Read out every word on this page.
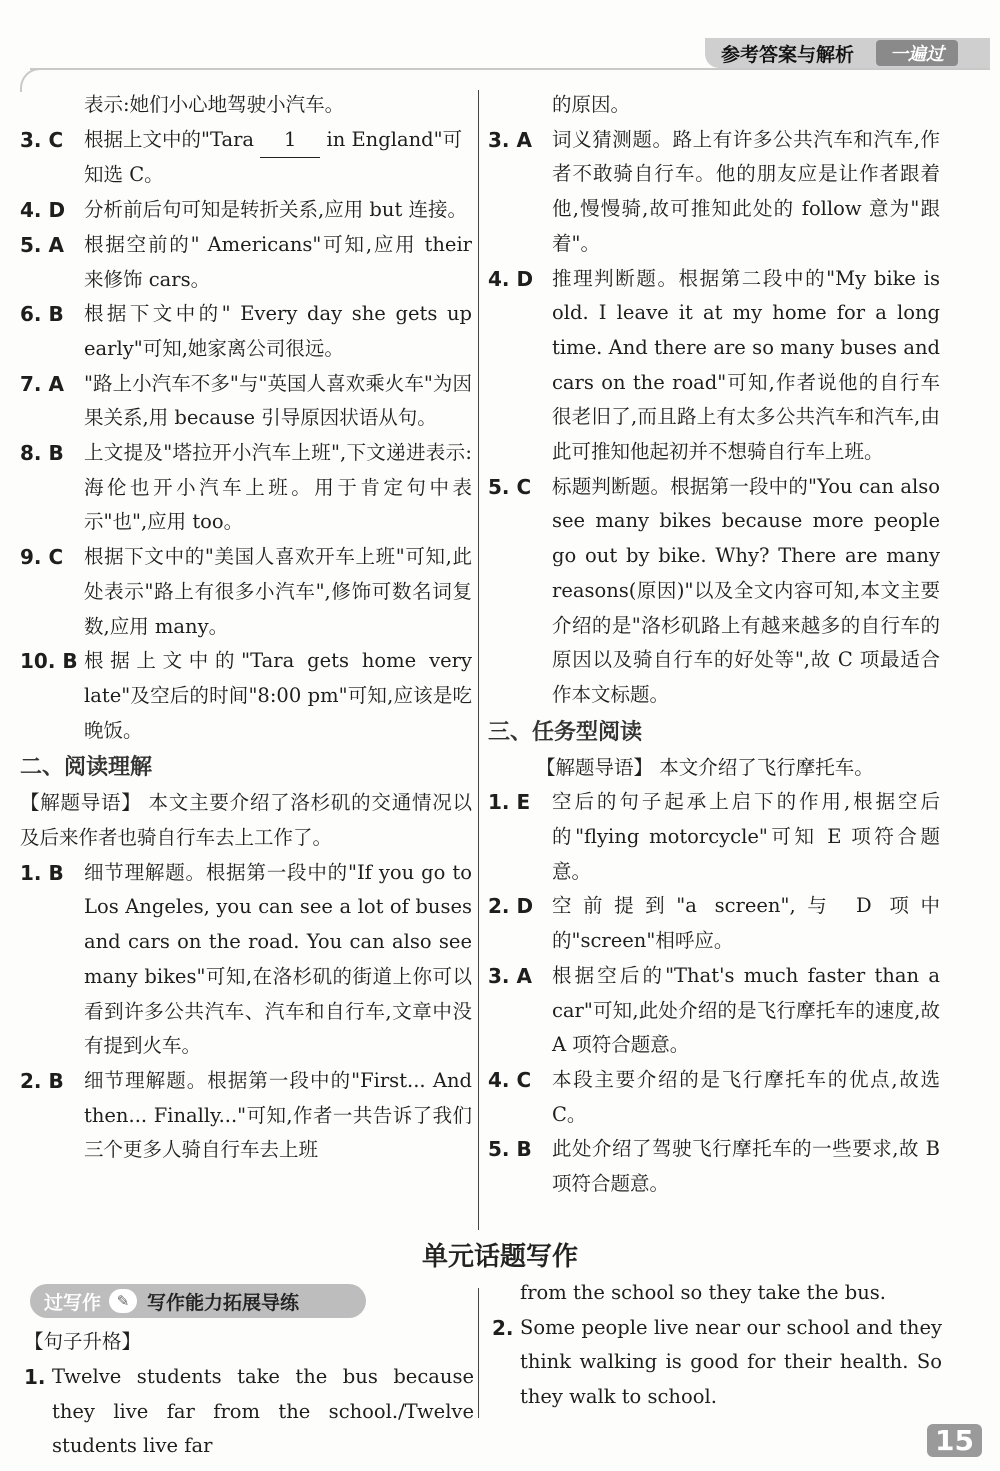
参考答案与解析	一遍过
表示:她们小心地驾驶小汽车。
3. C	根据上文中的"Tara 1 in England"可
知选 C。
4. D 分析前后句可知是转折关系,应用 but 连接。
5. A	根据空前的" Americans"可知,应用 their 来修饰 cars。
6. B	根据下文中的" Every day she gets up early"可知,她家离公司很远。
7. A	"路上小汽车不多"与"英国人喜欢乘火车"为因果关系,用 because 引导原因状语从句。
8. B	上文提及"塔拉开小汽车上班",下文递进表示:海伦也开小汽车上班。用于肯定句中表示"也",应用 too。
9. C	根据下文中的"美国人喜欢开车上班"可知,此处表示"路上有很多小汽车",修饰可数名词复数,应用 many。
10. B 根据上文中的"Tara gets home very late"及空后的时间"8:00 pm"可知,应该是吃晚饭。
二、阅读理解
【解题导语】 本文主要介绍了洛杉矶的交通情况以及后来作者也骑自行车去上工作了。
1. B	细节理解题。根据第一段中的"If you go to Los Angeles, you can see a lot of buses and cars on the road. You can also see many bikes"可知,在洛杉矶的街道上你可以看到许多公共汽车、汽车和自行车,文章中没有提到火车。
2. B	细节理解题。根据第一段中的"First... And then... Finally..."可知,作者一共告诉了我们三个更多人骑自行车去上班
的原因。
3. A	词义猜测题。路上有许多公共汽车和汽车,作者不敢骑自行车。他的朋友应是让作者跟着他,慢慢骑,故可推知此处的 follow 意为"跟着"。
4. D 推理判断题。根据第二段中的"My bike is old. I leave it at my home for a long time. And there are so many buses and cars on the road"可知,作者说他的自行车很老旧了,而且路上有太多公共汽车和汽车,由此可推知他起初并不想骑自行车上班。
5. C	标题判断题。根据第一段中的"You can also see many bikes because more people go out by bike. Why? There are many reasons(原因)"以及全文内容可知,本文主要介绍的是"洛杉矶路上有越来越多的自行车的原因以及骑自行车的好处等",故 C 项最适合作本文标题。
三、任务型阅读
【解题导语】 本文介绍了飞行摩托车。
1. E	空后的句子起承上启下的作用,根据空后的"flying motorcycle"可知 E 项符合题意。
2. D 空前提到"a screen",与 D 项中的"screen"相呼应。
3. A	根据空后的"That's much faster than a car"可知,此处介绍的是飞行摩托车的速度,故 A 项符合题意。
4. C	本段主要介绍的是飞行摩托车的优点,故选 C。
5. B	此处介绍了驾驶飞行摩托车的一些要求,故 B 项符合题意。
单元话题写作
过写作	✎ 写作能力拓展导练
【句子升格】
1. Twelve students take the bus because they live far from the school./Twelve students live far
from the school so they take the bus.
2. Some people live near our school and they think walking is good for their health. So they walk to school.
15
